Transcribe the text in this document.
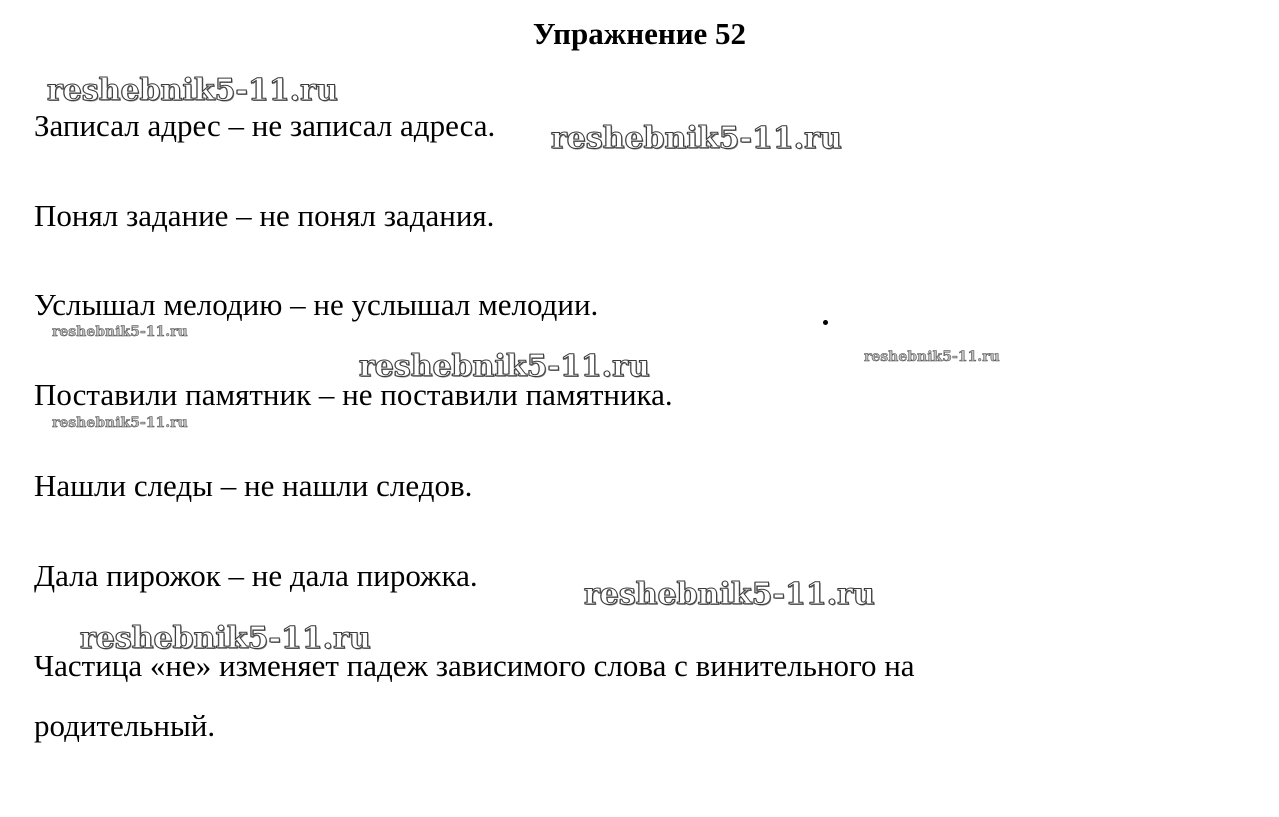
Упражнение 52

Записал адрес – не записал адреса.

Понял задание – не понял задания.

Услышал мелодию – не услышал мелодии.

Поставили памятник – не поставили памятника.

Нашли следы – не нашли следов.

Дала пирожок – не дала пирожка.

Частица «не» изменяет падеж зависимого слова с винительного на

родительный.

reshebnik5-11.ru
reshebnik5-11.ru
reshebnik5-11.ru
reshebnik5-11.ru	reshebnik5-11.ru
reshebnik5-11.ru
reshebnik5-11.ru
reshebnik5-11.ru
